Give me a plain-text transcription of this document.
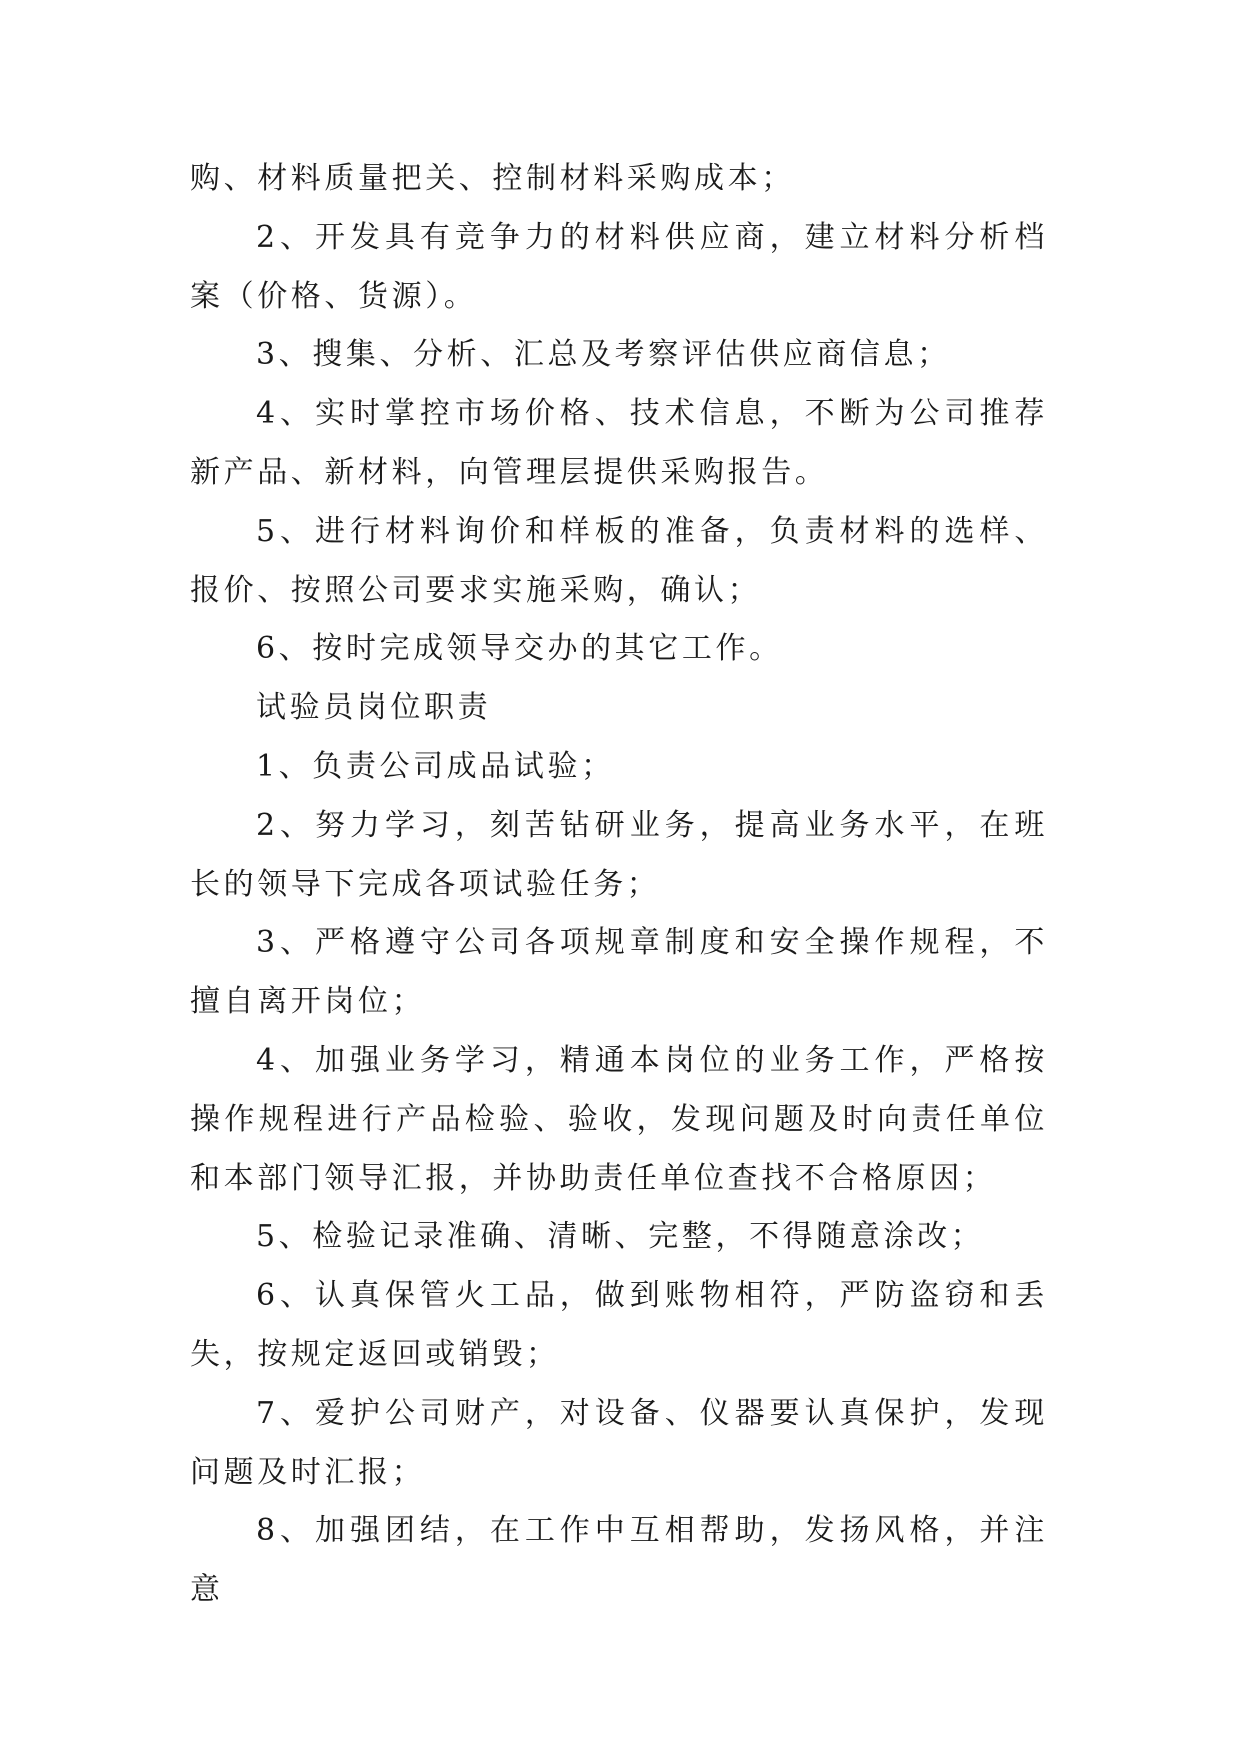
购、材料质量把关、控制材料采购成本；

2、开发具有竞争力的材料供应商，建立材料分析档案（价格、货源）。

3、搜集、分析、汇总及考察评估供应商信息；

4、实时掌控市场价格、技术信息，不断为公司推荐新产品、新材料，向管理层提供采购报告。

5、进行材料询价和样板的准备，负责材料的选样、报价、按照公司要求实施采购，确认；

6、按时完成领导交办的其它工作。

试验员岗位职责

1、负责公司成品试验；

2、努力学习，刻苦钻研业务，提高业务水平，在班长的领导下完成各项试验任务；

3、严格遵守公司各项规章制度和安全操作规程，不擅自离开岗位；

4、加强业务学习，精通本岗位的业务工作，严格按操作规程进行产品检验、验收，发现问题及时向责任单位和本部门领导汇报，并协助责任单位查找不合格原因；

5、检验记录准确、清晰、完整，不得随意涂改；

6、认真保管火工品，做到账物相符，严防盗窃和丢失，按规定返回或销毁；

7、爱护公司财产，对设备、仪器要认真保护，发现问题及时汇报；

8、加强团结，在工作中互相帮助，发扬风格，并注意
